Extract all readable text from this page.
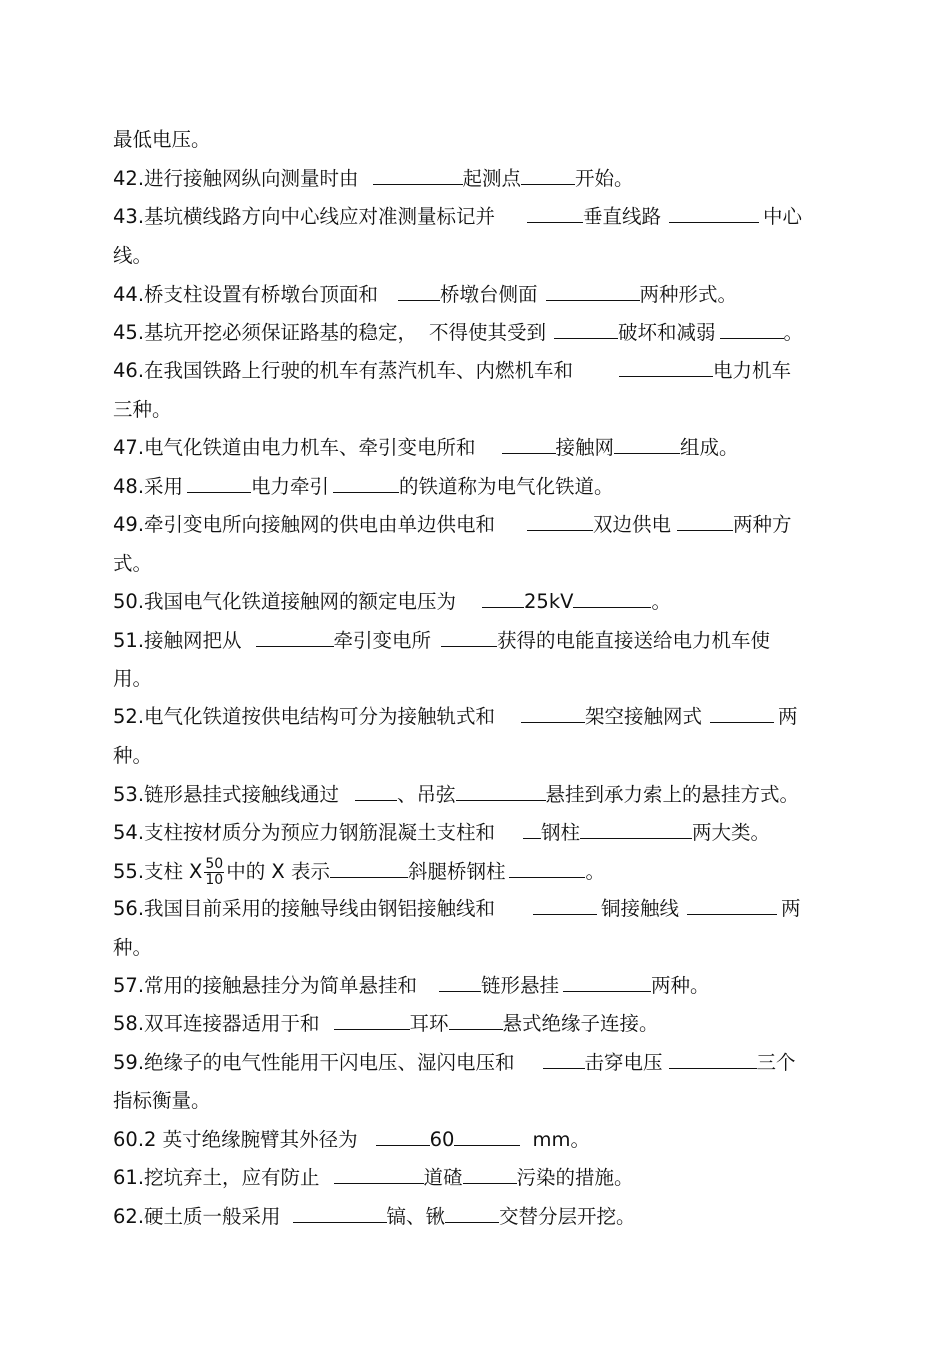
最低电压。
42.进行接触网纵向测量时由	起测点	开始。
43.基坑横线路方向中心线应对准测量标记并	垂直线路	中心
线。
44.桥支柱设置有桥墩台顶面和	桥墩台侧面	两种形式。
45.基坑开挖必须保证路基的稳定， 不得使其受到	破坏和减弱	。
46.在我国铁路上行驶的机车有蒸汽机车、内燃机车和	电力机车
三种。
47.电气化铁道由电力机车、牵引变电所和	接触网	组成。
48.采用	电力牵引	的铁道称为电气化铁道。
49.牵引变电所向接触网的供电由单边供电和	双边供电	两种方
式。
50.我国电气化铁道接触网的额定电压为	25kV	。
51.接触网把从	牵引变电所	获得的电能直接送给电力机车使
用。
52.电气化铁道按供电结构可分为接触轨式和	架空接触网式	两
种。
53.链形悬挂式接触线通过	、吊弦	悬挂到承力索上的悬挂方式。
54.支柱按材质分为预应力钢筋混凝土支柱和 钢柱	两大类。
55.支柱 X $\frac{50}{10}$ 中的 X 表示	斜腿桥钢柱	。
56.我国目前采用的接触导线由钢铝接触线和	铜接触线	两
种。
57.常用的接触悬挂分为简单悬挂和	链形悬挂	两种。
58.双耳连接器适用于和	耳环	悬式绝缘子连接。
59.绝缘子的电气性能用干闪电压、湿闪电压和	击穿电压	三个
指标衡量。
60.2 英寸绝缘腕臂其外径为	60	mm。
61.挖坑弃土，应有防止	道碴	污染的措施。
62.硬土质一般采用	镐、锹	交替分层开挖。
